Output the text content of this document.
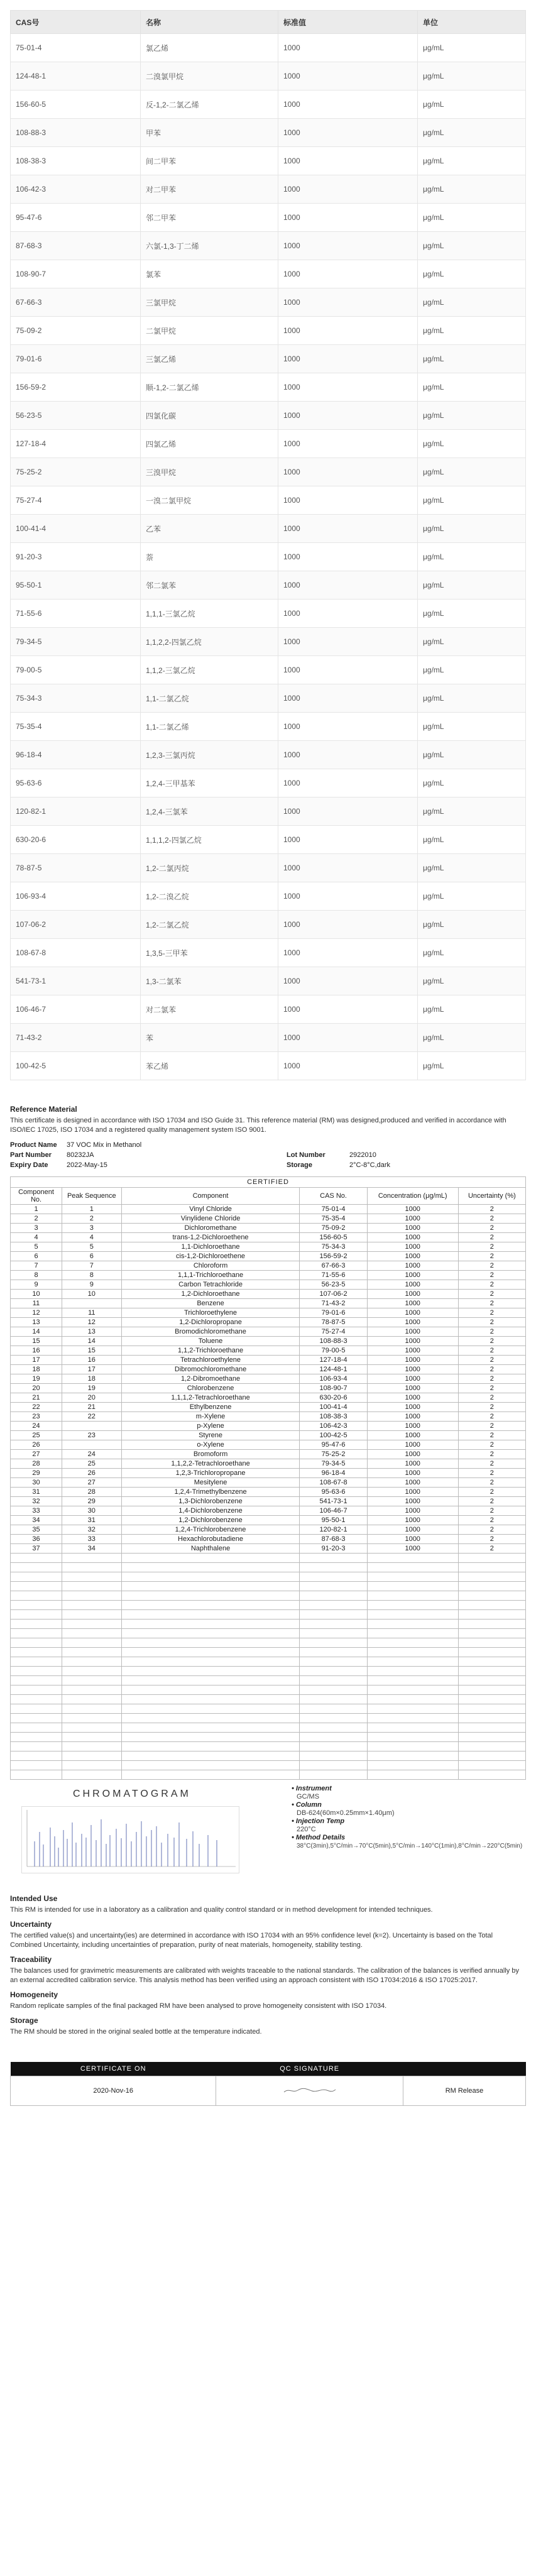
CAS号	名称	标准值	单位
75-01-4	氯乙烯	1000	μg/mL
124-48-1	二溴氯甲烷	1000	μg/mL
156-60-5	反-1,2-二氯乙烯	1000	μg/mL
108-88-3	甲苯	1000	μg/mL
108-38-3	间二甲苯	1000	μg/mL
106-42-3	对二甲苯	1000	μg/mL
95-47-6	邻二甲苯	1000	μg/mL
87-68-3	六氯-1,3-丁二烯	1000	μg/mL
108-90-7	氯苯	1000	μg/mL
67-66-3	三氯甲烷	1000	μg/mL
75-09-2	二氯甲烷	1000	μg/mL
79-01-6	三氯乙烯	1000	μg/mL
156-59-2	顺-1,2-二氯乙烯	1000	μg/mL
56-23-5	四氯化碳	1000	μg/mL
127-18-4	四氯乙烯	1000	μg/mL
75-25-2	三溴甲烷	1000	μg/mL
75-27-4	一溴二氯甲烷	1000	μg/mL
100-41-4	乙苯	1000	μg/mL
91-20-3	萘	1000	μg/mL
95-50-1	邻二氯苯	1000	μg/mL
71-55-6	1,1,1-三氯乙烷	1000	μg/mL
79-34-5	1,1,2,2-四氯乙烷	1000	μg/mL
79-00-5	1,1,2-三氯乙烷	1000	μg/mL
75-34-3	1,1-二氯乙烷	1000	μg/mL
75-35-4	1,1-二氯乙烯	1000	μg/mL
96-18-4	1,2,3-三氯丙烷	1000	μg/mL
95-63-6	1,2,4-三甲基苯	1000	μg/mL
120-82-1	1,2,4-三氯苯	1000	μg/mL
630-20-6	1,1,1,2-四氯乙烷	1000	μg/mL
78-87-5	1,2-二氯丙烷	1000	μg/mL
106-93-4	1,2-二溴乙烷	1000	μg/mL
107-06-2	1,2-二氯乙烷	1000	μg/mL
108-67-8	1,3,5-三甲苯	1000	μg/mL
541-73-1	1,3-二氯苯	1000	μg/mL
106-46-7	对二氯苯	1000	μg/mL
71-43-2	苯	1000	μg/mL
100-42-5	苯乙烯	1000	μg/mL

Reference Material

This certificate is designed in accordance with ISO 17034 and ISO Guide 31. This reference material (RM) was designed,produced and verified in accordance with ISO/IEC 17025, ISO 17034 and a registered quality management system ISO 9001.

Product Name 37 VOC Mix in Methanol
Part Number 80232JA	Lot Number	2922010
Expiry Date	2022-May-15	Storage	2°C-8°C,dark
CERTIFIED					
Component No.	Peak Sequence	Component	CAS No.	Concentration (μg/mL)	Uncertainty (%)
1	1	Vinyl Chloride	75-01-4	1000	2
2	2	Vinylidene Chloride	75-35-4	1000	2
3	3	Dichloromethane	75-09-2	1000	2
4	4	trans-1,2-Dichloroethene	156-60-5	1000	2
5	5	1,1-Dichloroethane	75-34-3	1000	2
6	6	cis-1,2-Dichloroethene	156-59-2	1000	2
7	7	Chloroform	67-66-3	1000	2
8	8	1,1,1-Trichloroethane	71-55-6	1000	2
9	9	Carbon Tetrachloride	56-23-5	1000	2
10	10	1,2-Dichloroethane	107-06-2	1000	2
11		Benzene	71-43-2	1000	2
12	11	Trichloroethylene	79-01-6	1000	2
13	12	1,2-Dichloropropane	78-87-5	1000	2
14	13	Bromodichloromethane	75-27-4	1000	2
15	14	Toluene	108-88-3	1000	2
16	15	1,1,2-Trichloroethane	79-00-5	1000	2
17	16	Tetrachloroethylene	127-18-4	1000	2
18	17	Dibromochloromethane	124-48-1	1000	2
19	18	1,2-Dibromoethane	106-93-4	1000	2
20	19	Chlorobenzene	108-90-7	1000	2
21	20	1,1,1,2-Tetrachloroethane	630-20-6	1000	2
22	21	Ethylbenzene	100-41-4	1000	2
23	22	m-Xylene	108-38-3	1000	2
24		p-Xylene	106-42-3	1000	2
25	23	Styrene	100-42-5	1000	2
26		o-Xylene	95-47-6	1000	2
27	24	Bromoform	75-25-2	1000	2
28	25	1,1,2,2-Tetrachloroethane	79-34-5	1000	2
29	26	1,2,3-Trichloropropane	96-18-4	1000	2
30	27	Mesitylene	108-67-8	1000	2
31	28	1,2,4-Trimethylbenzene	95-63-6	1000	2
32	29	1,3-Dichlorobenzene	541-73-1	1000	2
33	30	1,4-Dichlorobenzene	106-46-7	1000	2
34	31	1,2-Dichlorobenzene	95-50-1	1000	2
35	32	1,2,4-Trichlorobenzene	120-82-1	1000	2
36	33	Hexachlorobutadiene	87-68-3	1000	2
37	34	Naphthalene	91-20-3	1000	2

CHROMATOGRAM	• Instrument
GC/MS
• Column
DB-624(60m×0.25mm×1.40μm)
• Injection Temp
220°C
• Method Details
38°C(3min),5°C/min→70°C(5min),5°C/min→140°C(1min),8°C/min→220°C(5min)

Intended Use

This RM is intended for use in a laboratory as a calibration and quality control standard or in method development for intended techniques.

Uncertainty

The certified value(s) and uncertainty(ies) are determined in accordance with ISO 17034 with an 95% confidence level (k=2). Uncertainty is based on the Total Combined Uncertainty, including uncertainties of preparation, purity of neat materials, homogeneity, stability testing.

Traceability

The balances used for gravimetric measurements are calibrated with weights traceable to the national standards. The calibration of the balances is verified annually by an external accredited calibration service. This analysis method has been verified using an approach consistent with ISO 17034:2016 & ISO 17025:2017.

Homogeneity

Random replicate samples of the final packaged RM have been analysed to prove homogeneity consistent with ISO 17034.

Storage

The RM should be stored in the original sealed bottle at the temperature indicated.

CERTIFICATE ON	QC SIGNATURE	
2020-Nov-16		RM Release
